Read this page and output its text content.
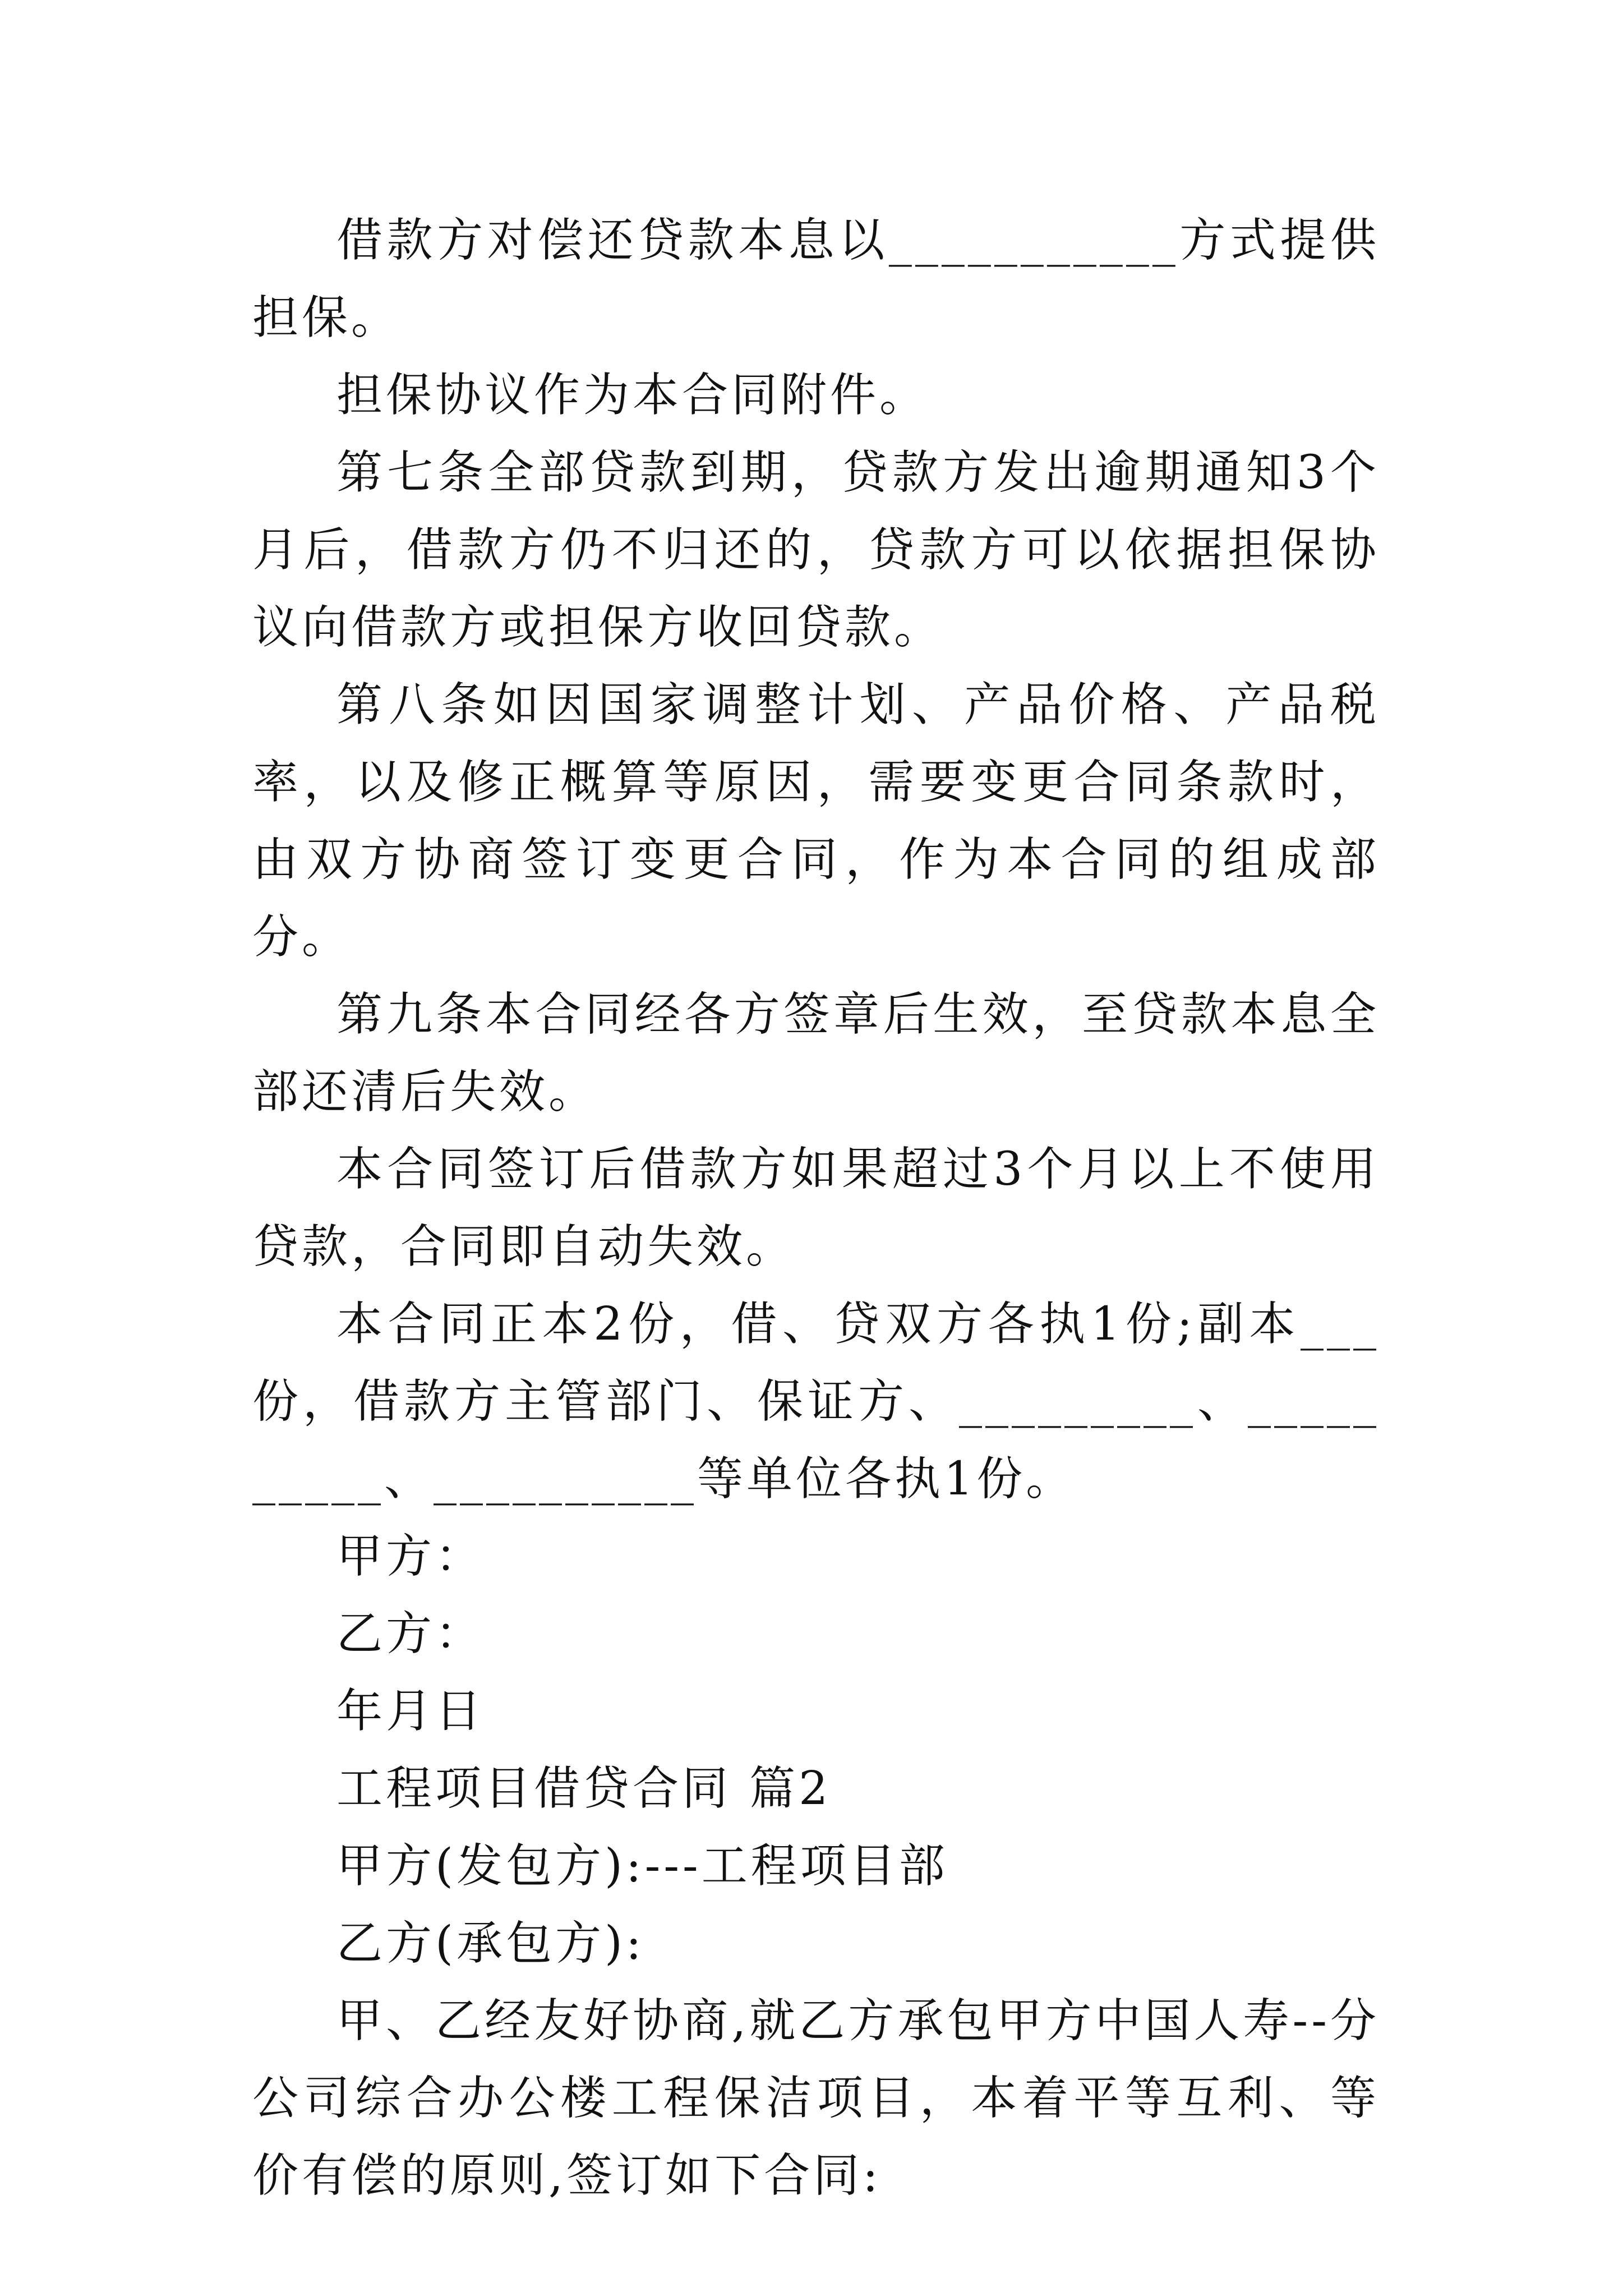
借款方对偿还贷款本息以___________方式提供担保。

担保协议作为本合同附件。

第七条全部贷款到期，贷款方发出逾期通知3个月后，借款方仍不归还的，贷款方可以依据担保协议向借款方或担保方收回贷款。

第八条如因国家调整计划、产品价格、产品税率，以及修正概算等原因，需要变更合同条款时，由双方协商签订变更合同，作为本合同的组成部分。

第九条本合同经各方签章后生效，至贷款本息全部还清后失效。

本合同签订后借款方如果超过3个月以上不使用贷款，合同即自动失效。

本合同正本2份，借、贷双方各执1份;副本___份，借款方主管部门、保证方、_________、__________、__________等单位各执1份。

甲方：

乙方：

年月日

工程项目借贷合同 篇2

甲方(发包方):---工程项目部

乙方(承包方):

甲、乙经友好协商,就乙方承包甲方中国人寿--分公司综合办公楼工程保洁项目，本着平等互利、等价有偿的原则,签订如下合同:
